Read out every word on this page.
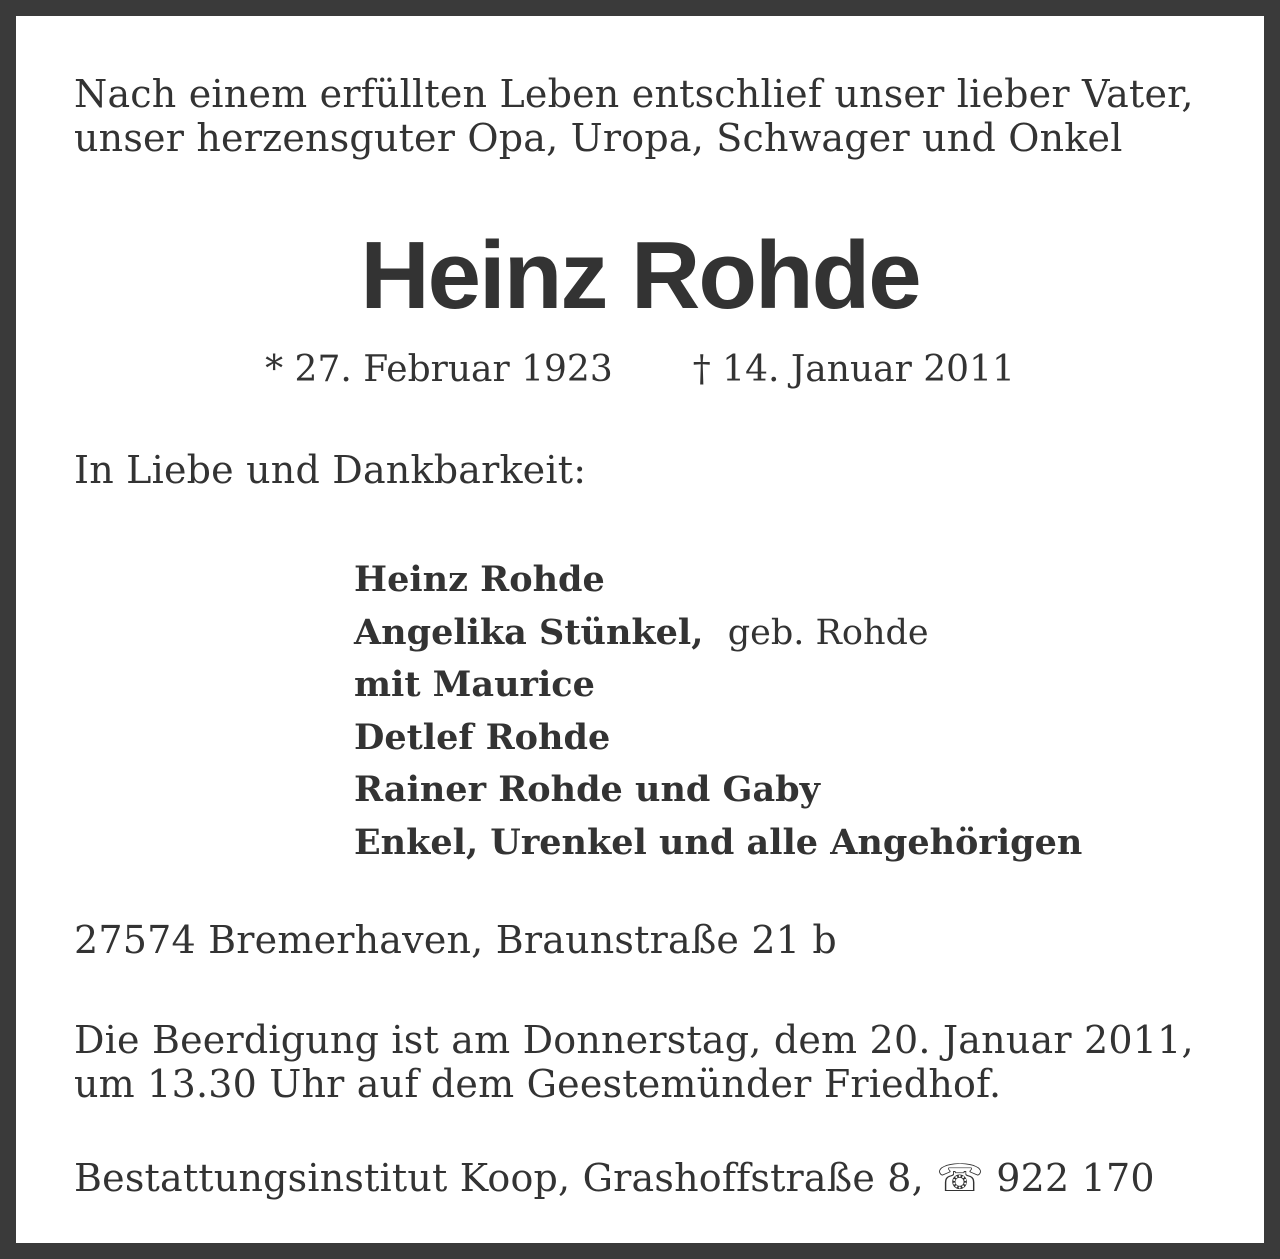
Nach einem erfüllten Leben entschlief unser lieber Vater,
unser herzensguter Opa, Uropa, Schwager und Onkel
Heinz Rohde
* 27. Februar 1923 † 14. Januar 2011
In Liebe und Dankbarkeit:
Heinz Rohde
Angelika Stünkel, geb. Rohde
mit Maurice
Detlef Rohde
Rainer Rohde und Gaby
Enkel, Urenkel und alle Angehörigen
27574 Bremerhaven, Braunstraße 21 b
Die Beerdigung ist am Donnerstag, dem 20. Januar 2011,
um 13.30 Uhr auf dem Geestemünder Friedhof.
Bestattungsinstitut Koop, Grashoffstraße 8, ☏ 922 170
